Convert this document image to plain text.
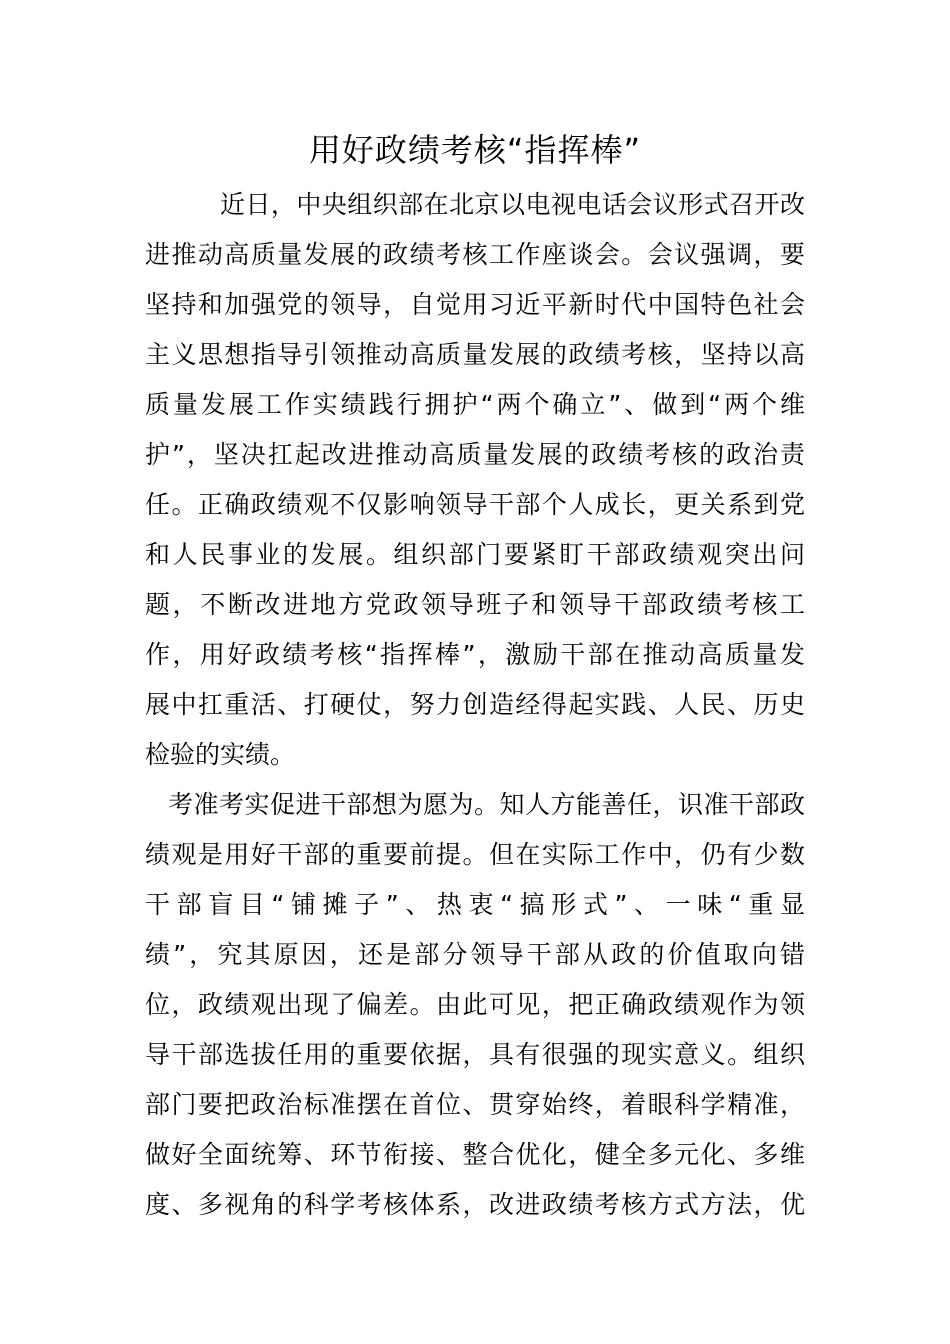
用好政绩考核“指挥棒”
近日，中央组织部在北京以电视电话会议形式召开改
进推动高质量发展的政绩考核工作座谈会。会议强调，要
坚持和加强党的领导，自觉用习近平新时代中国特色社会
主义思想指导引领推动高质量发展的政绩考核，坚持以高
质量发展工作实绩践行拥护“两个确立”、做到“两个维
护”，坚决扛起改进推动高质量发展的政绩考核的政治责
任。正确政绩观不仅影响领导干部个人成长，更关系到党
和人民事业的发展。组织部门要紧盯干部政绩观突出问
题，不断改进地方党政领导班子和领导干部政绩考核工
作，用好政绩考核“指挥棒”，激励干部在推动高质量发
展中扛重活、打硬仗，努力创造经得起实践、人民、历史
检验的实绩。
考准考实促进干部想为愿为。知人方能善任，识准干部政
绩观是用好干部的重要前提。但在实际工作中，仍有少数
干部盲目“铺摊子”、热衷“搞形式”、一味“重显
绩”，究其原因，还是部分领导干部从政的价值取向错
位，政绩观出现了偏差。由此可见，把正确政绩观作为领
导干部选拔任用的重要依据，具有很强的现实意义。组织
部门要把政治标准摆在首位、贯穿始终，着眼科学精准，
做好全面统筹、环节衔接、整合优化，健全多元化、多维
度、多视角的科学考核体系，改进政绩考核方式方法，优
